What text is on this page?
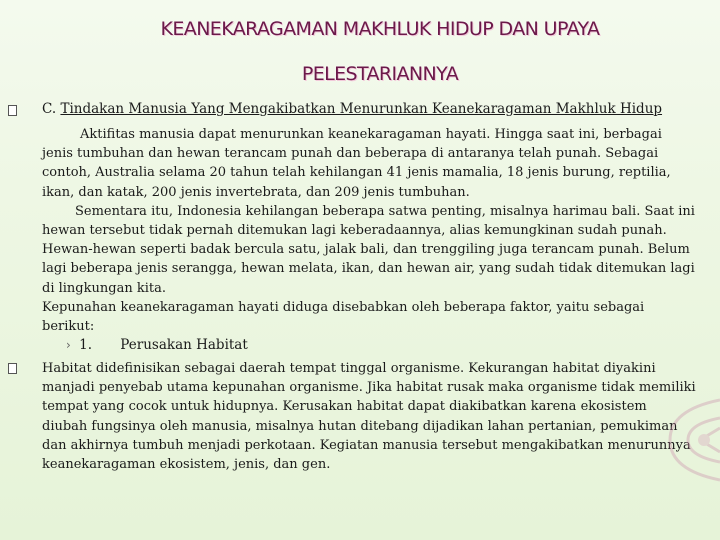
KEANEKARAGAMAN MAKHLUK HIDUP DAN UPAYA
PELESTARIANNYA
C. Tindakan Manusia Yang Mengakibatkan Menurunkan Keanekaragaman Makhluk Hidup
Aktifitas manusia dapat menurunkan keanekaragaman hayati. Hingga saat ini, berbagai jenis tumbuhan dan hewan terancam punah dan beberapa di antaranya telah punah. Sebagai contoh, Australia selama 20 tahun telah kehilangan 41 jenis mamalia, 18 jenis burung, reptilia, ikan, dan katak, 200 jenis invertebrata, dan 209 jenis tumbuhan.
Sementara itu, Indonesia kehilangan beberapa satwa penting, misalnya harimau bali. Saat ini hewan tersebut tidak pernah ditemukan lagi keberadaannya, alias kemungkinan sudah punah. Hewan-hewan seperti badak bercula satu, jalak bali, dan trenggiling juga terancam punah. Belum lagi beberapa jenis serangga, hewan melata, ikan, dan hewan air, yang sudah tidak ditemukan lagi di lingkungan kita.
Kepunahan keanekaragaman hayati diduga disebabkan oleh beberapa faktor, yaitu sebagai berikut:
› 1. Perusakan Habitat
Habitat didefinisikan sebagai daerah tempat tinggal organisme. Kekurangan habitat diyakini manjadi penyebab utama kepunahan organisme. Jika habitat rusak maka organisme tidak memiliki tempat yang cocok untuk hidupnya. Kerusakan habitat dapat diakibatkan karena ekosistem diubah fungsinya oleh manusia, misalnya hutan ditebang dijadikan lahan pertanian, pemukiman dan akhirnya tumbuh menjadi perkotaan. Kegiatan manusia tersebut mengakibatkan menurunnya keanekaragaman ekosistem, jenis, dan gen.
